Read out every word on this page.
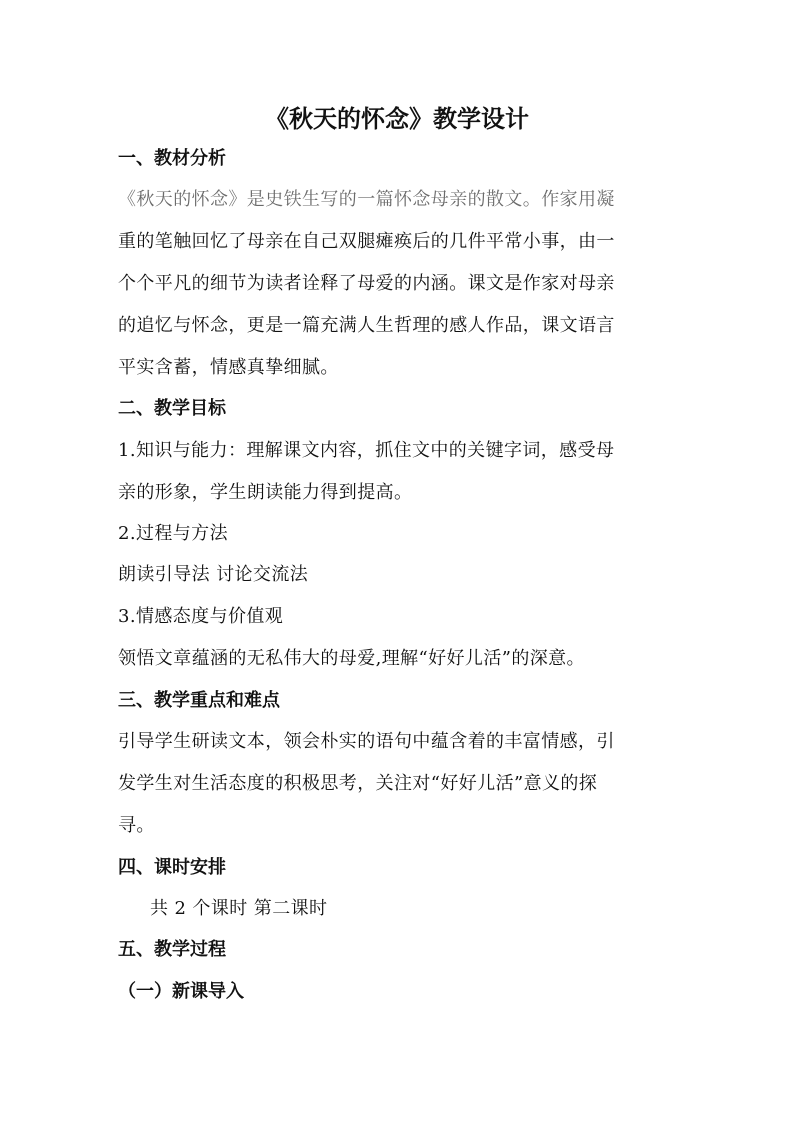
《秋天的怀念》教学设计
一、教材分析
《秋天的怀念》是史铁生写的一篇怀念母亲的散文。作家用凝
重的笔触回忆了母亲在自己双腿瘫痪后的几件平常小事，由一
个个平凡的细节为读者诠释了母爱的内涵。课文是作家对母亲
的追忆与怀念，更是一篇充满人生哲理的感人作品，课文语言
平实含蓄，情感真挚细腻。
二、教学目标
1.知识与能力：理解课文内容，抓住文中的关键字词，感受母
亲的形象，学生朗读能力得到提高。
2.过程与方法
朗读引导法 讨论交流法
3.情感态度与价值观
领悟文章蕴涵的无私伟大的母爱,理解“好好儿活”的深意。
三、教学重点和难点
引导学生研读文本，领会朴实的语句中蕴含着的丰富情感，引
发学生对生活态度的积极思考，关注对“好好儿活”意义的探
寻。
四、课时安排
共 2 个课时 第二课时
五、教学过程
（一）新课导入
